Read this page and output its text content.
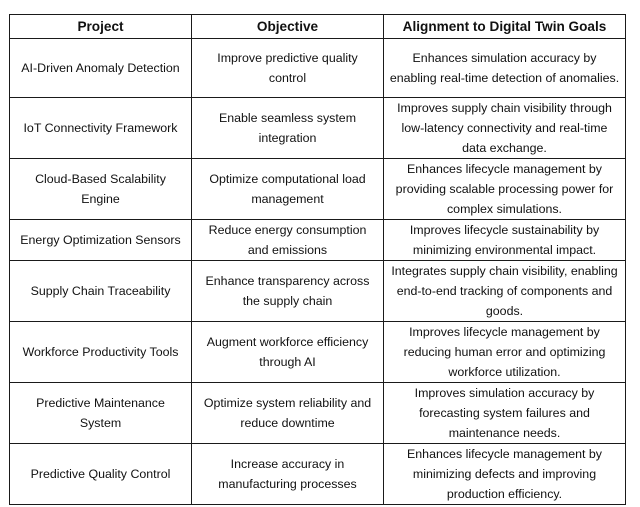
Project	Objective	Alignment to Digital Twin Goals
AI-Driven Anomaly Detection	Improve predictive quality control	Enhances simulation accuracy by enabling real-time detection of anomalies.
IoT Connectivity Framework	Enable seamless system integration	Improves supply chain visibility through low-latency connectivity and real-time data exchange.
Cloud-Based Scalability Engine	Optimize computational load management	Enhances lifecycle management by providing scalable processing power for complex simulations.
Energy Optimization Sensors	Reduce energy consumption and emissions	Improves lifecycle sustainability by minimizing environmental impact.
Supply Chain Traceability	Enhance transparency across the supply chain	Integrates supply chain visibility, enabling end-to-end tracking of components and goods.
Workforce Productivity Tools	Augment workforce efficiency through AI	Improves lifecycle management by reducing human error and optimizing workforce utilization.
Predictive Maintenance System	Optimize system reliability and reduce downtime	Improves simulation accuracy by forecasting system failures and maintenance needs.
Predictive Quality Control	Increase accuracy in manufacturing processes	Enhances lifecycle management by minimizing defects and improving production efficiency.
